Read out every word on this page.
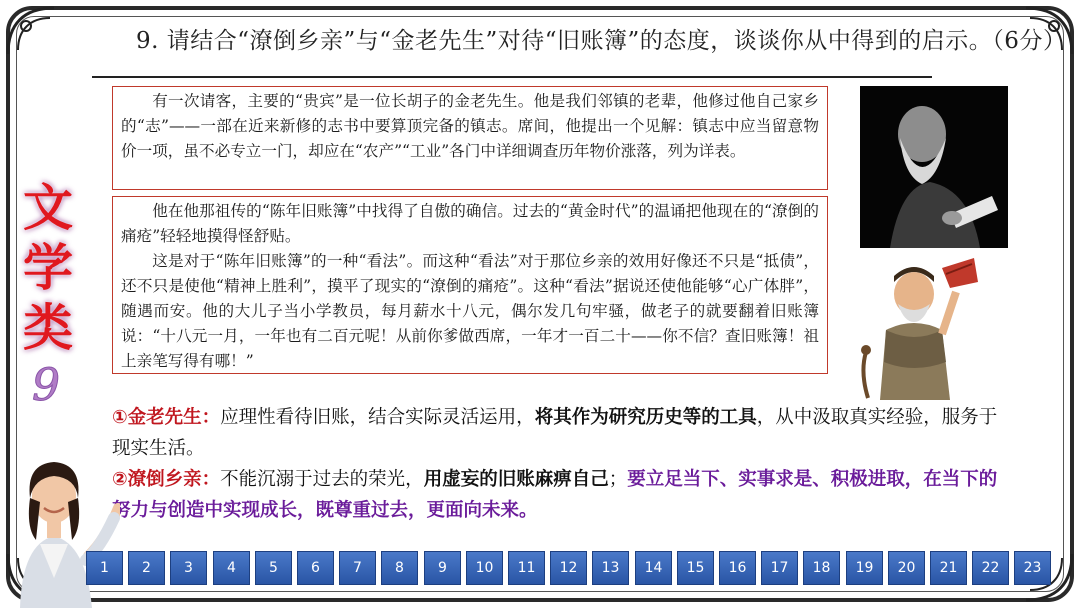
9. 请结合“潦倒乡亲”与“金老先生”对待“旧账簿”的态度，谈谈你从中得到的启示。（6分）

有一次请客，主要的“贵宾”是一位长胡子的金老先生。他是我们邻镇的老辈，他修过他自己家乡的“志”——一部在近来新修的志书中要算顶完备的镇志。席间，他提出一个见解：镇志中应当留意物价一项，虽不必专立一门，却应在“农产”“工业”各门中详细调查历年物价涨落，列为详表。

他在他那祖传的“陈年旧账簿”中找得了自傲的确信。过去的“黄金时代”的温诵把他现在的“潦倒的痛疮”轻轻地摸得怪舒贴。

这是对于“陈年旧账簿”的一种“看法”。而这种“看法”对于那位乡亲的效用好像还不只是“抵债”，还不只是使他“精神上胜利”，摸平了现实的“潦倒的痛疮”。这种“看法”据说还使他能够“心广体胖”，随遇而安。他的大儿子当小学教员，每月薪水十八元，偶尔发几句牢骚，做老子的就要翻着旧账簿说：“十八元一月，一年也有二百元呢！从前你爹做西席，一年才一百二十——你不信？查旧账簿！祖上亲笔写得有哪！”

文学类
9
①金老先生：应理性看待旧账，结合实际灵活运用，将其作为研究历史等的工具，从中汲取真实经验，服务于现实生活。
②潦倒乡亲：不能沉溺于过去的荣光，用虚妄的旧账麻痹自己；要立足当下、实事求是、积极进取，在当下的努力与创造中实现成长，既尊重过去，更面向未来。
1	2	3	4	5	6	7	8	9	10	11	12	13	14	15	16	17	18	19	20	21	22	23
